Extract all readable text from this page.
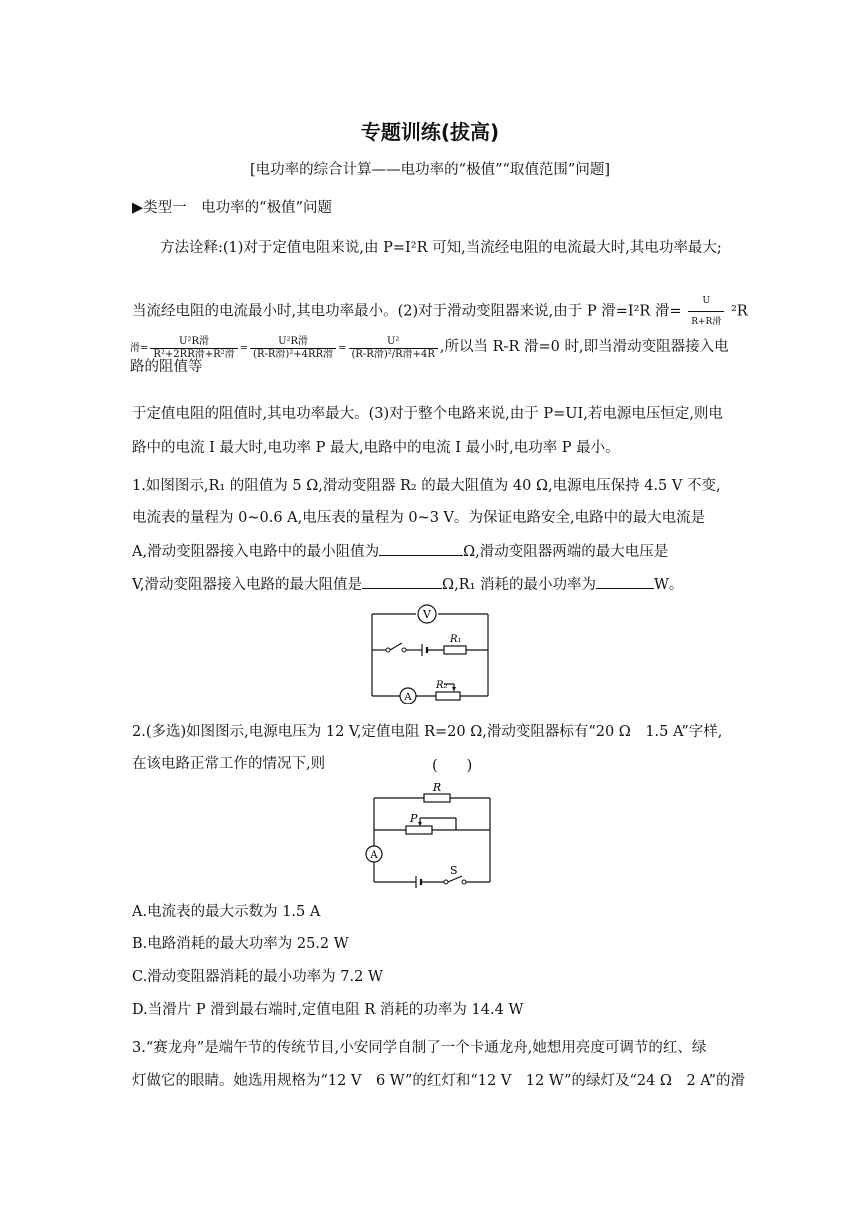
专题训练(拔高)
[电功率的综合计算——电功率的“极值”“取值范围”问题]
▶类型一　电功率的“极值”问题
方法诠释:(1)对于定值电阻来说,由 P=I²R 可知,当流经电阻的电流最大时,其电功率最大;
当流经电阻的电流最小时,其电功率最小。(2)对于滑动变阻器来说,由于 P 滑=I²R 滑= $\frac{U}{\text{R+R滑}} ^2R$
滑= $\frac{\text{U²R滑}}{\text{R²+2RR滑+R²滑}} = \frac{\text{U²R滑}}{\text{(R-R滑)²+4RR滑}} = \frac{\text{U²}}{\text{(R-R滑)²/R滑+4R}}$ ,所以当 R-R 滑=0 时,即当滑动变阻器接入电路的阻值等
于定值电阻的阻值时,其电功率最大。(3)对于整个电路来说,由于 P=UI,若电源电压恒定,则电
路中的电流 I 最大时,电功率 P 最大,电路中的电流 I 最小时,电功率 P 最小。
1.如图图示,R₁ 的阻值为 5 Ω,滑动变阻器 R₂ 的最大阻值为 40 Ω,电源电压保持 4.5 V 不变,
电流表的量程为 0~0.6 A,电压表的量程为 0~3 V。为保证电路安全,电路中的最大电流是
A,滑动变阻器接入电路中的最小阻值为	Ω,滑动变阻器两端的最大电压是
V,滑动变阻器接入电路的最大阻值是	Ω,R₁ 消耗的最小功率为	W。
V
A
R₁
R₂
2.(多选)如图图示,电源电压为 12 V,定值电阻 R=20 Ω,滑动变阻器标有“20 Ω　1.5 A”字样,
在该电路正常工作的情况下,则	(　　)
R
P
A
S
A.电流表的最大示数为 1.5 A
B.电路消耗的最大功率为 25.2 W
C.滑动变阻器消耗的最小功率为 7.2 W
D.当滑片 P 滑到最右端时,定值电阻 R 消耗的功率为 14.4 W
3.“赛龙舟”是端午节的传统节目,小安同学自制了一个卡通龙舟,她想用亮度可调节的红、绿
灯做它的眼睛。她选用规格为“12 V　6 W”的红灯和“12 V　12 W”的绿灯及“24 Ω　2 A”的滑
